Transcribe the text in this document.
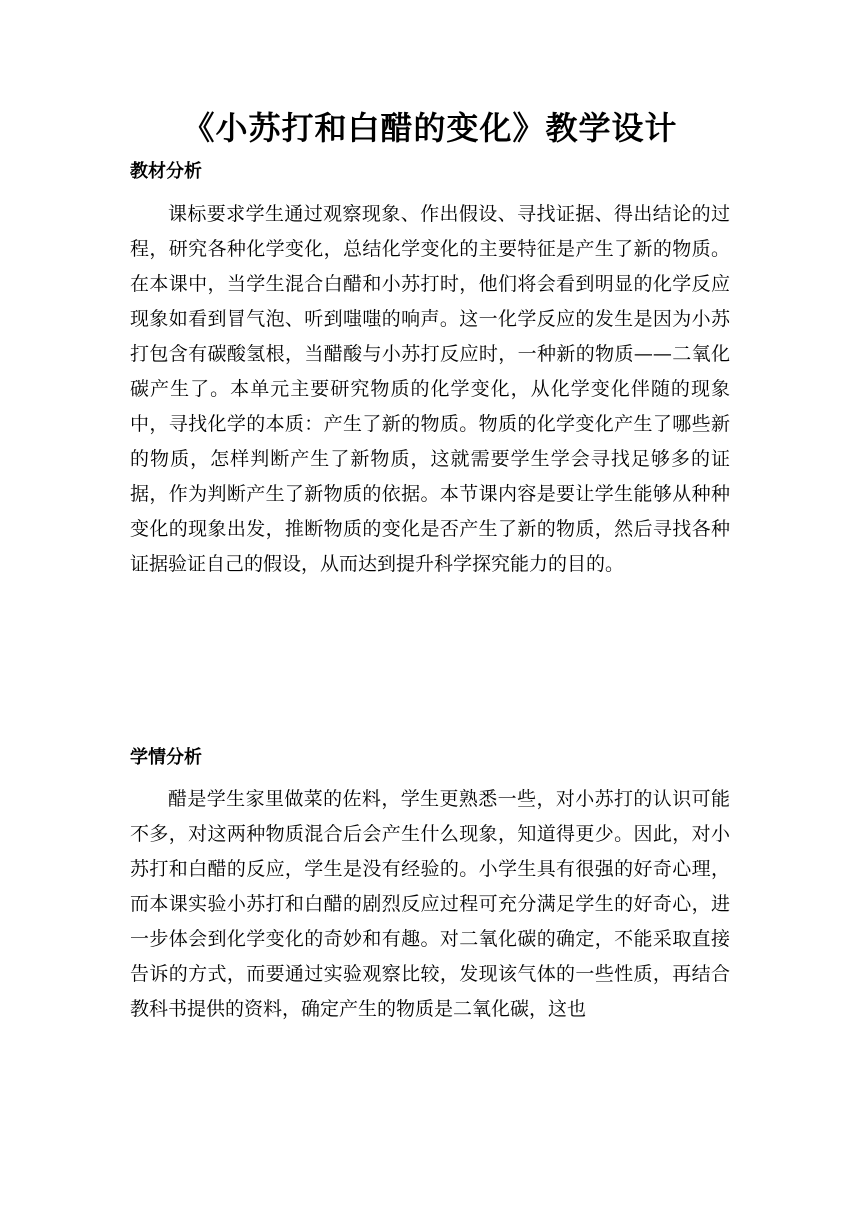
《小苏打和白醋的变化》教学设计
教材分析

课标要求学生通过观察现象、作出假设、寻找证据、得出结论的过程，研究各种化学变化，总结化学变化的主要特征是产生了新的物质。在本课中，当学生混合白醋和小苏打时，他们将会看到明显的化学反应现象如看到冒气泡、听到嗤嗤的响声。这一化学反应的发生是因为小苏打包含有碳酸氢根，当醋酸与小苏打反应时，一种新的物质——二氧化碳产生了。本单元主要研究物质的化学变化，从化学变化伴随的现象中，寻找化学的本质：产生了新的物质。物质的化学变化产生了哪些新的物质，怎样判断产生了新物质，这就需要学生学会寻找足够多的证据，作为判断产生了新物质的依据。本节课内容是要让学生能够从种种变化的现象出发，推断物质的变化是否产生了新的物质，然后寻找各种证据验证自己的假设，从而达到提升科学探究能力的目的。

学情分析

醋是学生家里做菜的佐料，学生更熟悉一些，对小苏打的认识可能不多，对这两种物质混合后会产生什么现象，知道得更少。因此，对小苏打和白醋的反应，学生是没有经验的。小学生具有很强的好奇心理，而本课实验小苏打和白醋的剧烈反应过程可充分满足学生的好奇心，进一步体会到化学变化的奇妙和有趣。对二氧化碳的确定，不能采取直接告诉的方式，而要通过实验观察比较，发现该气体的一些性质，再结合教科书提供的资料，确定产生的物质是二氧化碳，这也
